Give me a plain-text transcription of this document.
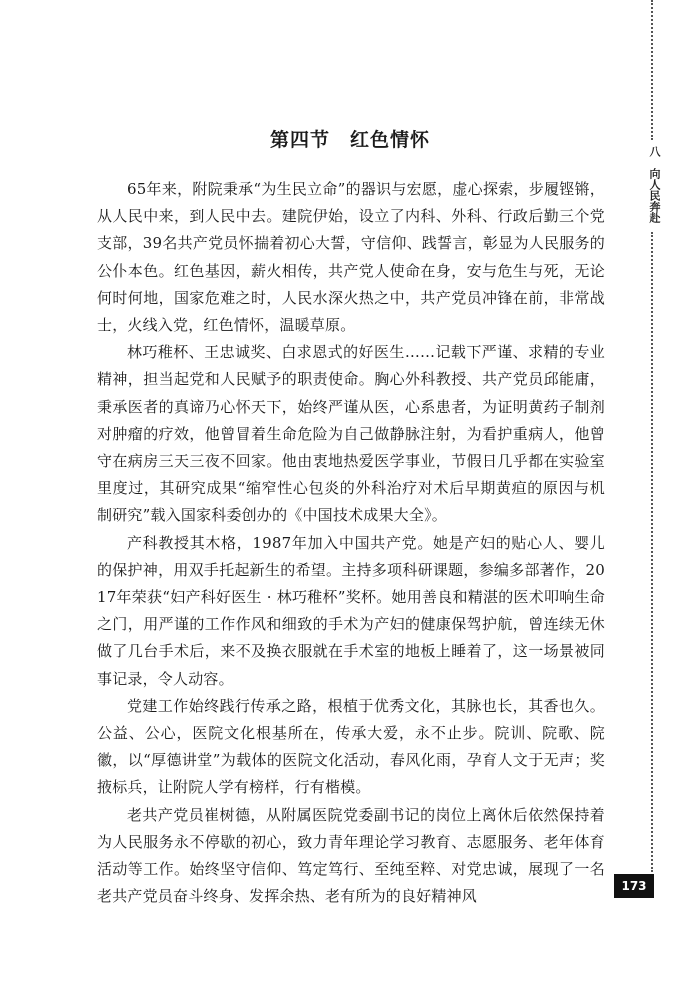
第四节　红色情怀

65年来，附院秉承“为生民立命”的器识与宏愿，虚心探索，步履铿锵，从人民中来，到人民中去。建院伊始，设立了内科、外科、行政后勤三个党支部，39名共产党员怀揣着初心大誓，守信仰、践誓言，彰显为人民服务的公仆本色。红色基因，薪火相传，共产党人使命在身，安与危生与死，无论何时何地，国家危难之时，人民水深火热之中，共产党员冲锋在前，非常战士，火线入党，红色情怀，温暖草原。

林巧稚杯、王忠诚奖、白求恩式的好医生……记载下严谨、求精的专业精神，担当起党和人民赋予的职责使命。胸心外科教授、共产党员邱能庸，秉承医者的真谛乃心怀天下，始终严谨从医，心系患者，为证明黄药子制剂对肿瘤的疗效，他曾冒着生命危险为自己做静脉注射，为看护重病人，他曾守在病房三天三夜不回家。他由衷地热爱医学事业，节假日几乎都在实验室里度过，其研究成果“缩窄性心包炎的外科治疗对术后早期黄疸的原因与机制研究”载入国家科委创办的《中国技术成果大全》。

产科教授其木格，1987年加入中国共产党。她是产妇的贴心人、婴儿的保护神，用双手托起新生的希望。主持多项科研课题，参编多部著作，2017年荣获“妇产科好医生 · 林巧稚杯”奖杯。她用善良和精湛的医术叩响生命之门，用严谨的工作作风和细致的手术为产妇的健康保驾护航，曾连续无休做了几台手术后，来不及换衣服就在手术室的地板上睡着了，这一场景被同事记录，令人动容。

党建工作始终践行传承之路，根植于优秀文化，其脉也长，其香也久。公益、公心，医院文化根基所在，传承大爱，永不止步。院训、院歌、院徽，以“厚德讲堂”为载体的医院文化活动，春风化雨，孕育人文于无声；奖掖标兵，让附院人学有榜样，行有楷模。

老共产党员崔树德，从附属医院党委副书记的岗位上离休后依然保持着为人民服务永不停歇的初心，致力青年理论学习教育、志愿服务、老年体育活动等工作。始终坚守信仰、笃定笃行、至纯至粹、对党忠诚，展现了一名老共产党员奋斗终身、发挥余热、老有所为的良好精神风

八　向人民奔赴
173
